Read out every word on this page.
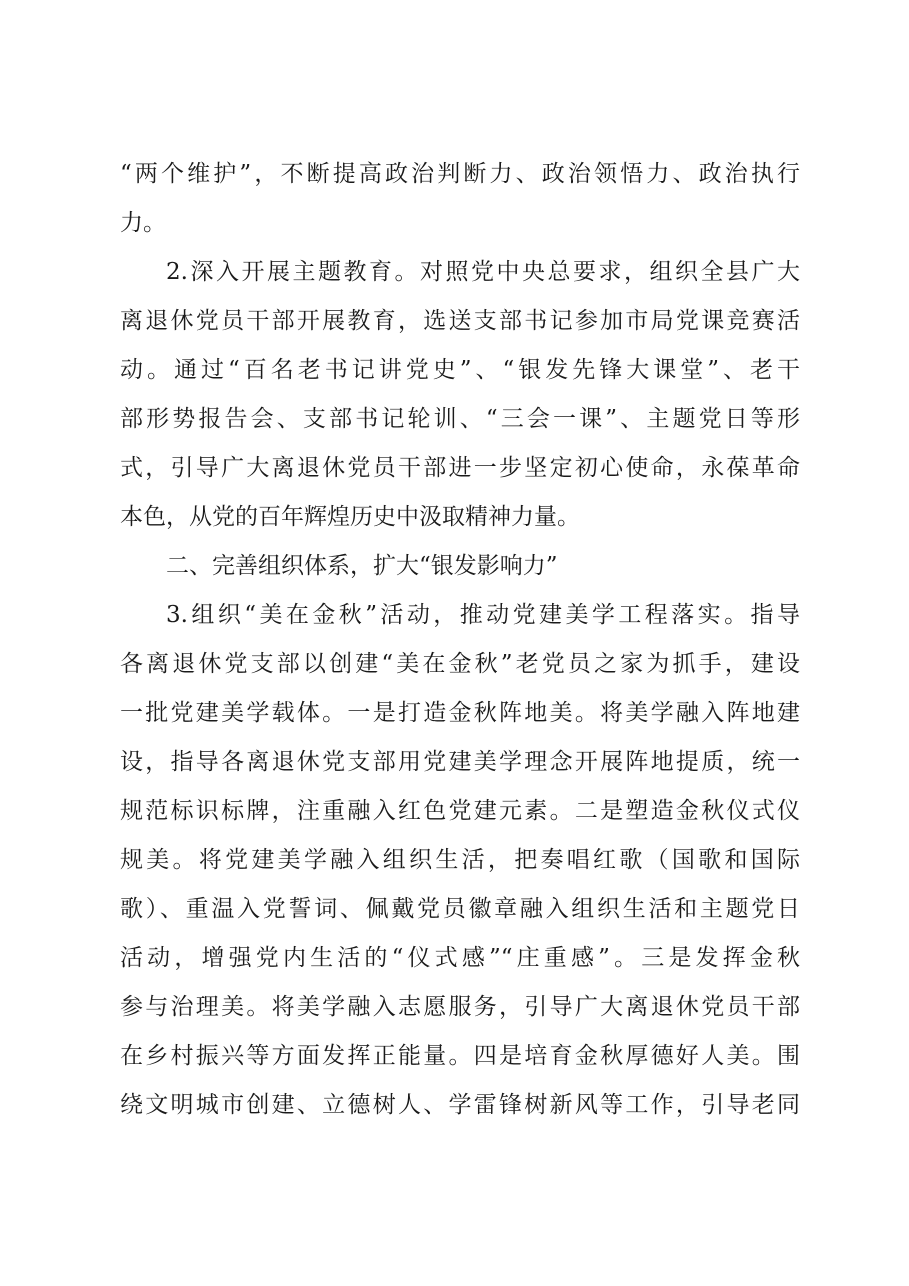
“两个维护”，不断提高政治判断力、政治领悟力、政治执行
力。
2.深入开展主题教育。对照党中央总要求，组织全县广大
离退休党员干部开展教育，选送支部书记参加市局党课竞赛活
动。通过“百名老书记讲党史”、“银发先锋大课堂”、老干
部形势报告会、支部书记轮训、“三会一课”、主题党日等形
式，引导广大离退休党员干部进一步坚定初心使命，永葆革命
本色，从党的百年辉煌历史中汲取精神力量。
二、完善组织体系，扩大“银发影响力”
3.组织“美在金秋”活动，推动党建美学工程落实。指导
各离退休党支部以创建“美在金秋”老党员之家为抓手，建设
一批党建美学载体。一是打造金秋阵地美。将美学融入阵地建
设，指导各离退休党支部用党建美学理念开展阵地提质，统一
规范标识标牌，注重融入红色党建元素。二是塑造金秋仪式仪
规美。将党建美学融入组织生活，把奏唱红歌（国歌和国际
歌）、重温入党誓词、佩戴党员徽章融入组织生活和主题党日
活动，增强党内生活的“仪式感”“庄重感”。三是发挥金秋
参与治理美。将美学融入志愿服务，引导广大离退休党员干部
在乡村振兴等方面发挥正能量。四是培育金秋厚德好人美。围
绕文明城市创建、立德树人、学雷锋树新风等工作，引导老同
